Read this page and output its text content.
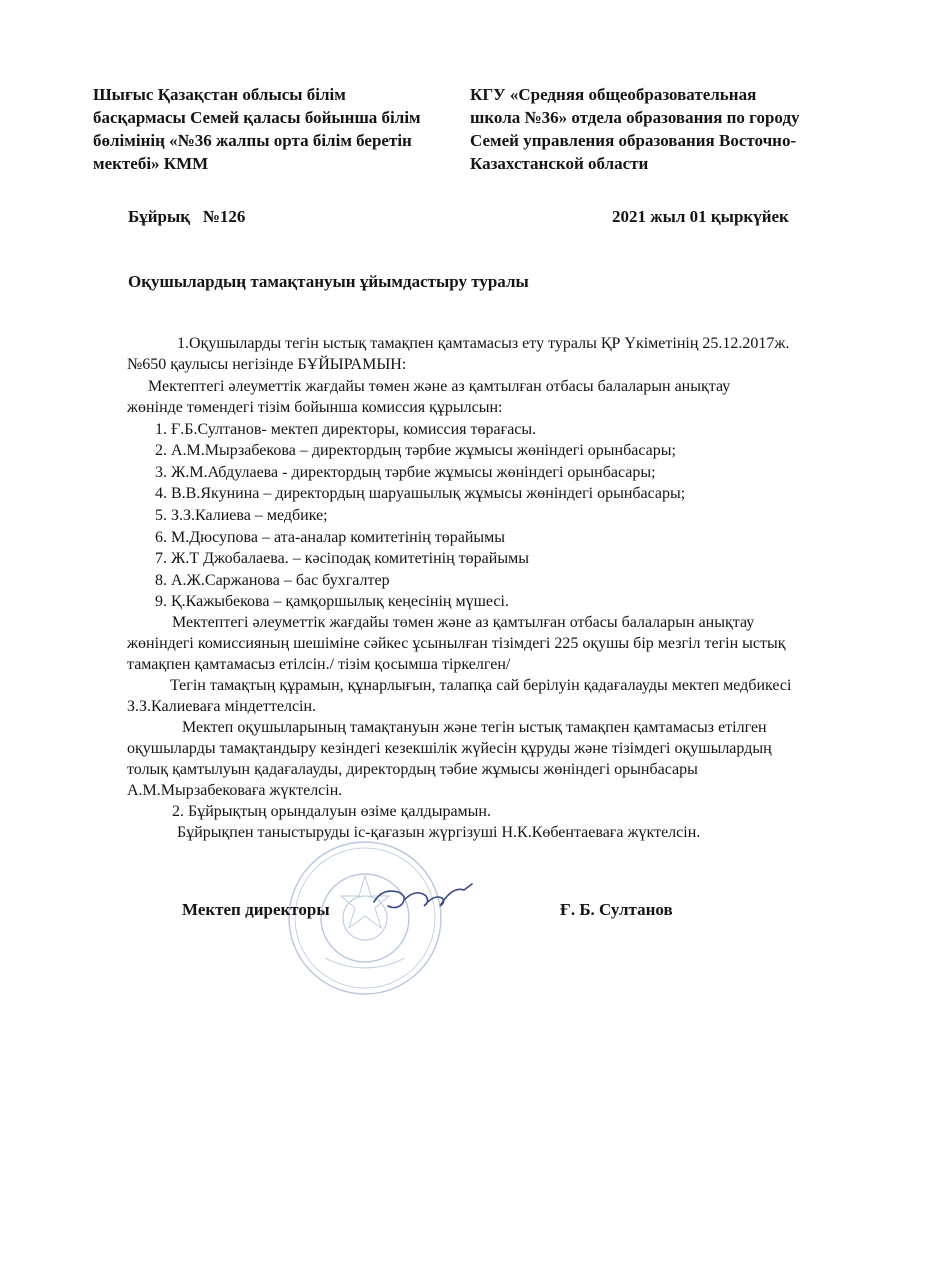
Шығыс Қазақстан облысы білім
басқармасы Семей қаласы бойынша білім
бөлімінің «№36 жалпы орта білім беретін
мектебі» КММ
КГУ «Средняя общеобразовательная
школа №36» отдела образования по городу
Семей управления образования Восточно-
Казахстанской области
Бұйрық   №126	2021 жыл 01 қыркүйек
Оқушылардың тамақтануын ұйымдастыру туралы
1.Оқушыларды тегін ыстық тамақпен қамтамасыз ету туралы ҚР Үкіметінің 25.12.2017ж.
№650 қаулысы негізінде БҰЙЫРАМЫН:
Мектептегі әлеуметтік жағдайы төмен және аз қамтылған отбасы балаларын анықтау
жөнінде төмендегі тізім бойынша комиссия құрылсын:
1. Ғ.Б.Султанов- мектеп директоры, комиссия төрағасы.
2. А.М.Мырзабекова – директордың тәрбие жұмысы жөніндегі орынбасары;
3. Ж.М.Абдулаева - директордың тәрбие жұмысы жөніндегі орынбасары;
4. В.В.Якунина – директордың шаруашылық жұмысы жөніндегі орынбасары;
5. З.З.Калиева – медбике;
6. М.Дюсупова – ата-аналар комитетінің төрайымы
7. Ж.Т Джобалаева. – кәсіподақ комитетінің төрайымы
8. А.Ж.Саржанова – бас бухгалтер
9. Қ.Кажыбекова – қамқоршылық кеңесінің мүшесі.
Мектептегі әлеуметтік жағдайы төмен және аз қамтылған отбасы балаларын анықтау
жөніндегі комиссияның шешіміне сәйкес ұсынылған тізімдегі 225 оқушы бір мезгіл тегін ыстық
тамақпен қамтамасыз етілсін./ тізім қосымша тіркелген/
Тегін тамақтың құрамын, құнарлығын, талапқа сай берілуін қадағалауды мектеп медбикесі
З.З.Калиеваға міндеттелсін.
Мектеп оқушыларының тамақтануын және тегін ыстық тамақпен қамтамасыз етілген
оқушыларды тамақтандыру кезіндегі кезекшілік жүйесін құруды және тізімдегі оқушылардың
толық қамтылуын қадағалауды, директордың тәбие жұмысы жөніндегі орынбасары
А.М.Мырзабековаға жүктелсін.
2. Бұйрықтың орындалуын өзіме қалдырамын.
Бұйрықпен таныстыруды іс-қағазын жүргізуші Н.К.Көбентаевағa жүктелсін.
Мектеп директоры	Ғ. Б. Султанов
